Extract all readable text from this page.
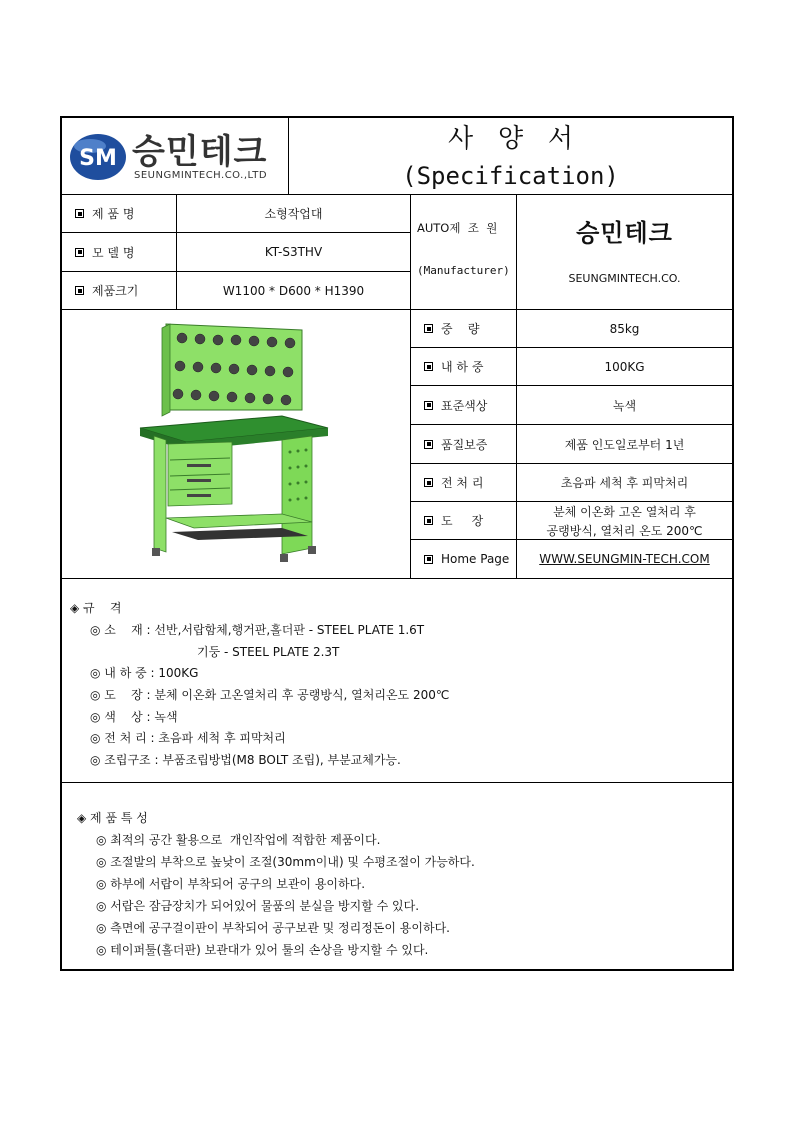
SM 승민테크
SEUNGMINTECH.CO.,LTD
사   양   서
(Specification)
제 품 명	소형작업대
모 델 명	KT-S3THV
제품크기	W1100 * D600 * H1390
AUTO제  조  원
(Manufacturer)
승민테크
SEUNGMINTECH.CO.
중    량	85kg
내 하 중	100KG
표준색상	녹색
품질보증	제품 인도일로부터 1년
전 처 리	초음파 세척 후 피막처리
도     장
분체 이온화 고온 열처리 후
공랭방식, 열처리 온도 200℃
Home Page WWW.SEUNGMIN-TECH.COM
◈ 규    격
◎ 소    재 : 선반,서랍함체,행거판,홀더판 - STEEL PLATE 1.6T
기둥 - STEEL PLATE 2.3T
◎ 내 하 중 : 100KG
◎ 도    장 : 분체 이온화 고온열처리 후 공랭방식, 열처리온도 200℃
◎ 색    상 : 녹색
◎ 전 처 리 : 초음파 세척 후 피막처리
◎ 조립구조 : 부품조립방법(M8 BOLT 조립), 부분교체가능.
◈ 제 품 특 성
◎ 최적의 공간 활용으로  개인작업에 적합한 제품이다.
◎ 조절발의 부착으로 높낮이 조절(30mm이내) 및 수평조절이 가능하다.
◎ 하부에 서랍이 부착되어 공구의 보관이 용이하다.
◎ 서랍은 잠금장치가 되어있어 물품의 분실을 방지할 수 있다.
◎ 측면에 공구걸이판이 부착되어 공구보관 및 정리정돈이 용이하다.
◎ 테이퍼툴(홀더판) 보관대가 있어 툴의 손상을 방지할 수 있다.
